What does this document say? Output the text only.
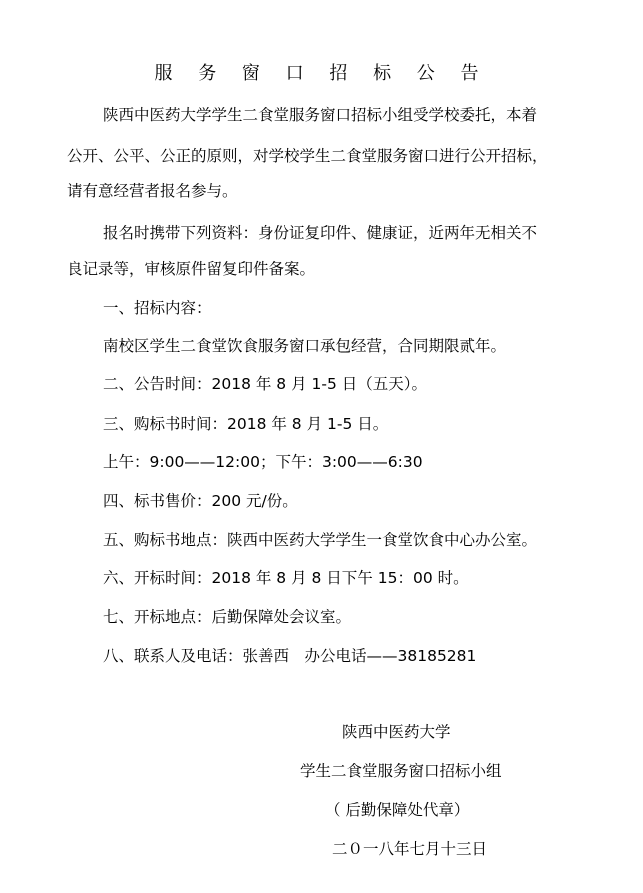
服 务 窗 口 招 标 公 告
陕西中医药大学学生二食堂服务窗口招标小组受学校委托，本着
公开、公平、公正的原则，对学校学生二食堂服务窗口进行公开招标，
请有意经营者报名参与。
报名时携带下列资料：身份证复印件、健康证，近两年无相关不
良记录等，审核原件留复印件备案。
一、招标内容：
南校区学生二食堂饮食服务窗口承包经营，合同期限贰年。
二、公告时间：2018 年 8 月 1-5 日（五天）。
三、购标书时间：2018 年 8 月 1-5 日。
上午：9:00——12:00；下午：3:00——6:30
四、标书售价：200 元/份。
五、购标书地点：陕西中医药大学学生一食堂饮食中心办公室。
六、开标时间：2018 年 8 月 8 日下午 15：00 时。
七、开标地点：后勤保障处会议室。
八、联系人及电话：张善西　办公电话——38185281
陕西中医药大学
学生二食堂服务窗口招标小组
（ 后勤保障处代章）
二０一八年七月十三日
